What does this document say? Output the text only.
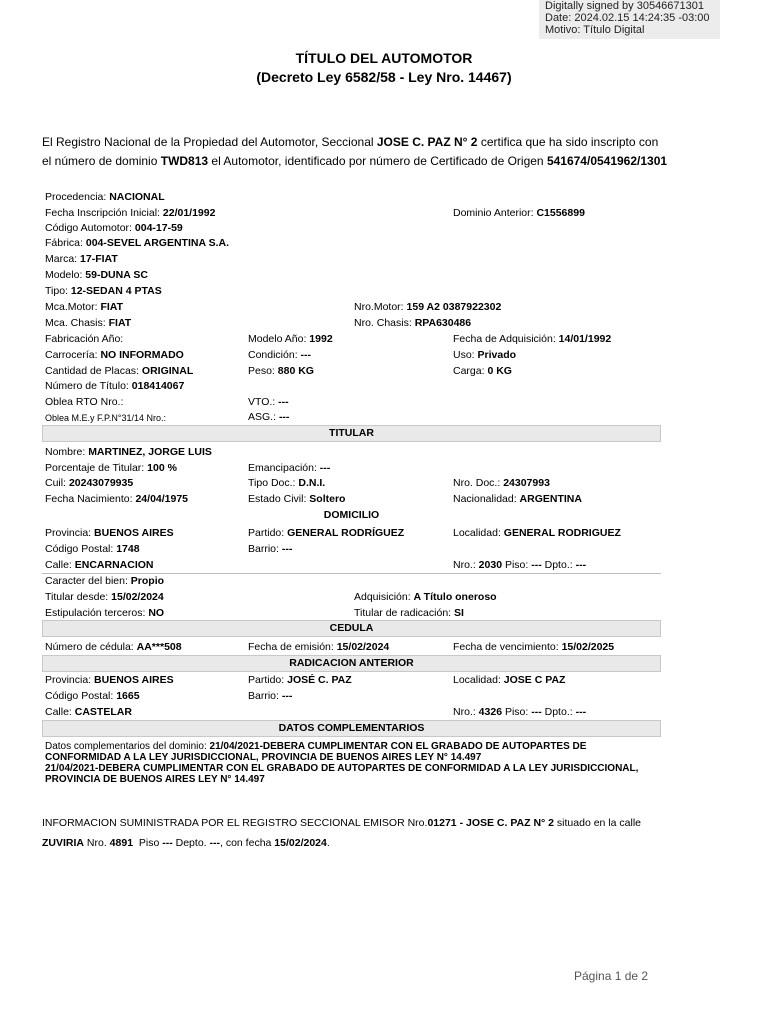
Digitally signed by 30546671301
Date: 2024.02.15 14:24:35 -03:00
Motivo: Título Digital
TÍTULO DEL AUTOMOTOR
(Decreto Ley 6582/58 - Ley Nro. 14467)
El Registro Nacional de la Propiedad del Automotor, Seccional JOSE C. PAZ N° 2 certifica que ha sido inscripto con
el número de dominio TWD813 el Automotor, identificado por número de Certificado de Origen 541674/0541962/1301
Procedencia: NACIONAL
Fecha Inscripción Inicial: 22/01/1992	Dominio Anterior: C1556899
Código Automotor: 004-17-59
Fábrica: 004-SEVEL ARGENTINA S.A.
Marca: 17-FIAT
Modelo: 59-DUNA SC
Tipo: 12-SEDAN 4 PTAS
Mca.Motor: FIAT	Nro.Motor: 159 A2 0387922302
Mca. Chasis: FIAT	Nro. Chasis: RPA630486
Fabricación Año:	Modelo Año: 1992	Fecha de Adquisición: 14/01/1992
Carrocería: NO INFORMADO	Condición: ---	Uso: Privado
Cantidad de Placas: ORIGINAL	Peso: 880 KG	Carga: 0 KG
Número de Título: 018414067
Oblea RTO Nro.:	VTO.: ---
Oblea M.E.y F.P.N°31/14 Nro.:	ASG.: ---
TITULAR
Nombre: MARTINEZ, JORGE LUIS
Porcentaje de Titular: 100 %	Emancipación: ---
Cuil: 20243079935	Tipo Doc.: D.N.I.	Nro. Doc.: 24307993
Fecha Nacimiento: 24/04/1975	Estado Civil: Soltero	Nacionalidad: ARGENTINA
DOMICILIO
Provincia: BUENOS AIRES	Partido: GENERAL RODRÍGUEZ	Localidad: GENERAL RODRIGUEZ
Código Postal: 1748	Barrio: ---
Calle: ENCARNACION	Nro.: 2030 Piso: --- Dpto.: ---
Caracter del bien: Propio
Titular desde: 15/02/2024	Adquisición: A Título oneroso
Estipulación terceros: NO	Titular de radicación: SI
CEDULA
Número de cédula: AA***508	Fecha de emisión: 15/02/2024	Fecha de vencimiento: 15/02/2025
RADICACION ANTERIOR
Provincia: BUENOS AIRES	Partido: JOSÉ C. PAZ	Localidad: JOSE C PAZ
Código Postal: 1665	Barrio: ---
Calle: CASTELAR	Nro.: 4326 Piso: --- Dpto.: ---
DATOS COMPLEMENTARIOS
Datos complementarios del dominio: 21/04/2021-DEBERA CUMPLIMENTAR CON EL GRABADO DE AUTOPARTES DE CONFORMIDAD A LA LEY JURISDICCIONAL, PROVINCIA DE BUENOS AIRES LEY N° 14.497
21/04/2021-DEBERA CUMPLIMENTAR CON EL GRABADO DE AUTOPARTES DE CONFORMIDAD A LA LEY JURISDICCIONAL, PROVINCIA DE BUENOS AIRES LEY N° 14.497
INFORMACION SUMINISTRADA POR EL REGISTRO SECCIONAL EMISOR Nro.01271 - JOSE C. PAZ N° 2 situado en la calle
ZUVIRIA Nro. 4891  Piso --- Depto. ---, con fecha 15/02/2024.
Página 1 de 2
